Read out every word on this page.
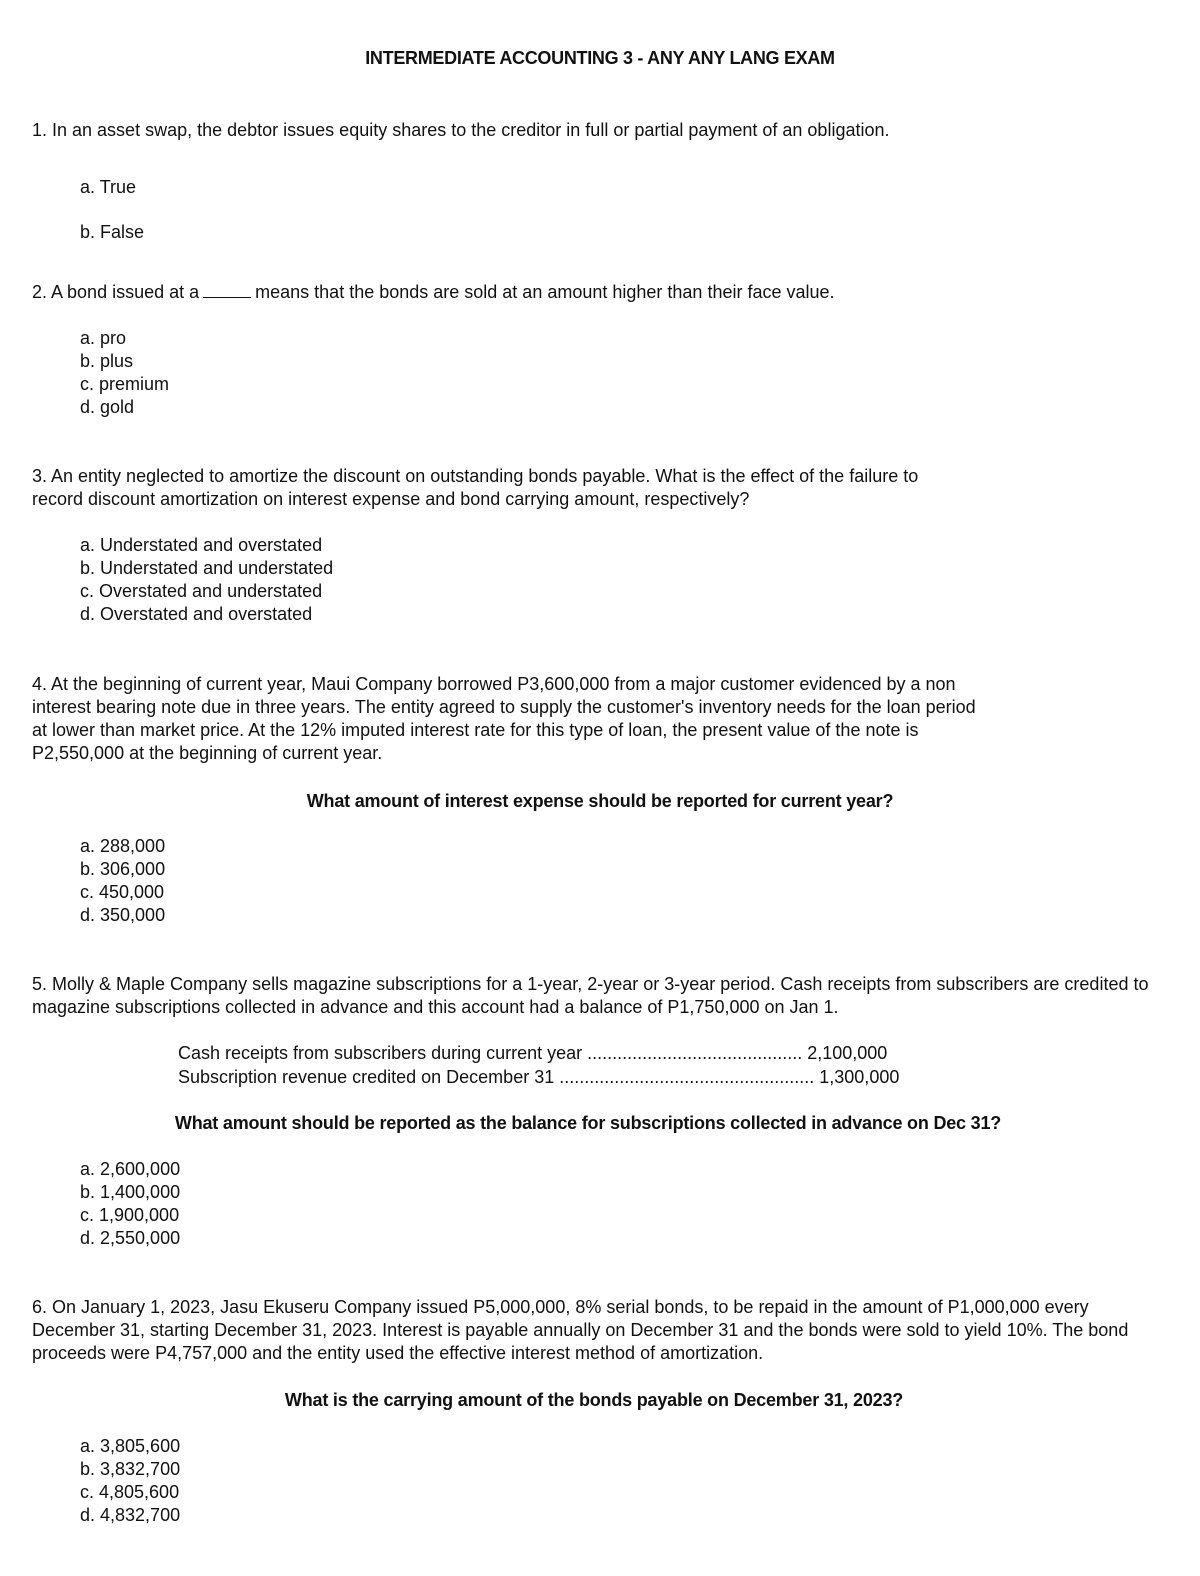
INTERMEDIATE ACCOUNTING 3 - ANY ANY LANG EXAM
1. In an asset swap, the debtor issues equity shares to the creditor in full or partial payment of an obligation.
a. True
b. False
2. A bond issued at a	means that the bonds are sold at an amount higher than their face value.
a. pro
b. plus
c. premium
d. gold
3. An entity neglected to amortize the discount on outstanding bonds payable. What is the effect of the failure to record discount amortization on interest expense and bond carrying amount, respectively?
a. Understated and overstated
b. Understated and understated
c. Overstated and understated
d. Overstated and overstated
4. At the beginning of current year, Maui Company borrowed P3,600,000 from a major customer evidenced by a non interest bearing note due in three years. The entity agreed to supply the customer's inventory needs for the loan period at lower than market price. At the 12% imputed interest rate for this type of loan, the present value of the note is P2,550,000 at the beginning of current year.
What amount of interest expense should be reported for current year?
a. 288,000
b. 306,000
c. 450,000
d. 350,000
5. Molly & Maple Company sells magazine subscriptions for a 1-year, 2-year or 3-year period. Cash receipts from subscribers are credited to magazine subscriptions collected in advance and this account had a balance of P1,750,000 on Jan 1.
Cash receipts from subscribers during current year ........................................... 2,100,000
Subscription revenue credited on December 31 ................................................... 1,300,000
What amount should be reported as the balance for subscriptions collected in advance on Dec 31?
a. 2,600,000
b. 1,400,000
c. 1,900,000
d. 2,550,000
6. On January 1, 2023, Jasu Ekuseru Company issued P5,000,000, 8% serial bonds, to be repaid in the amount of P1,000,000 every December 31, starting December 31, 2023. Interest is payable annually on December 31 and the bonds were sold to yield 10%. The bond proceeds were P4,757,000 and the entity used the effective interest method of amortization.
What is the carrying amount of the bonds payable on December 31, 2023?
a. 3,805,600
b. 3,832,700
c. 4,805,600
d. 4,832,700
